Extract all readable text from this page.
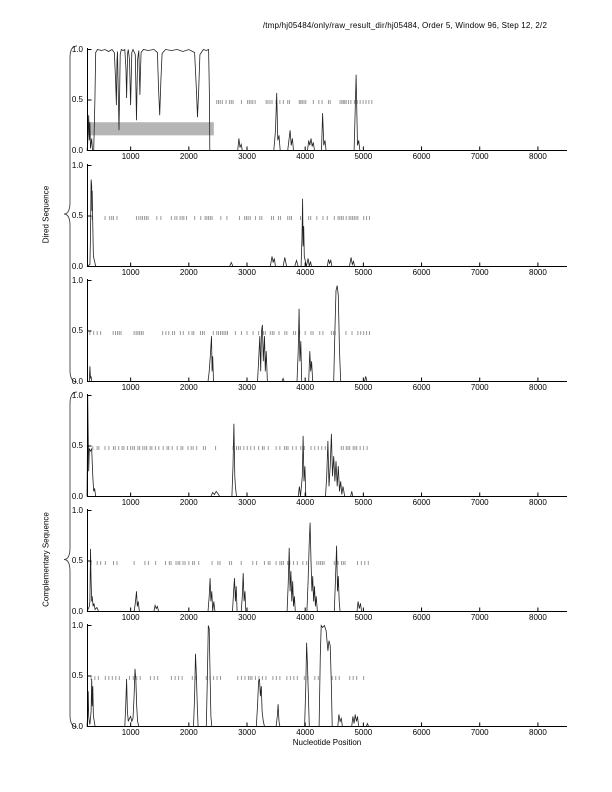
/tmp/hj05484/only/raw_result_dir/hj05484, Order 5, Window 96, Step 12, 2/2
Dired Sequence
Complementary Sequence
1.0
0.5
0.0
1000	2000	3000	4000	5000	6000	7000	8000
1.0
0.5
0.0
1000	2000	3000	4000	5000	6000	7000	8000
1.0
0.5
0.0
1000	2000	3000	4000	5000	6000	7000	8000
1.0
0.5
0.0
1000	2000	3000	4000	5000	6000	7000	8000
1.0
0.5
0.0
1000	2000	3000	4000	5000	6000	7000	8000
1.0
0.5
0.0
1000	2000	3000	4000	5000	6000	7000	8000
Nucleotide Position
